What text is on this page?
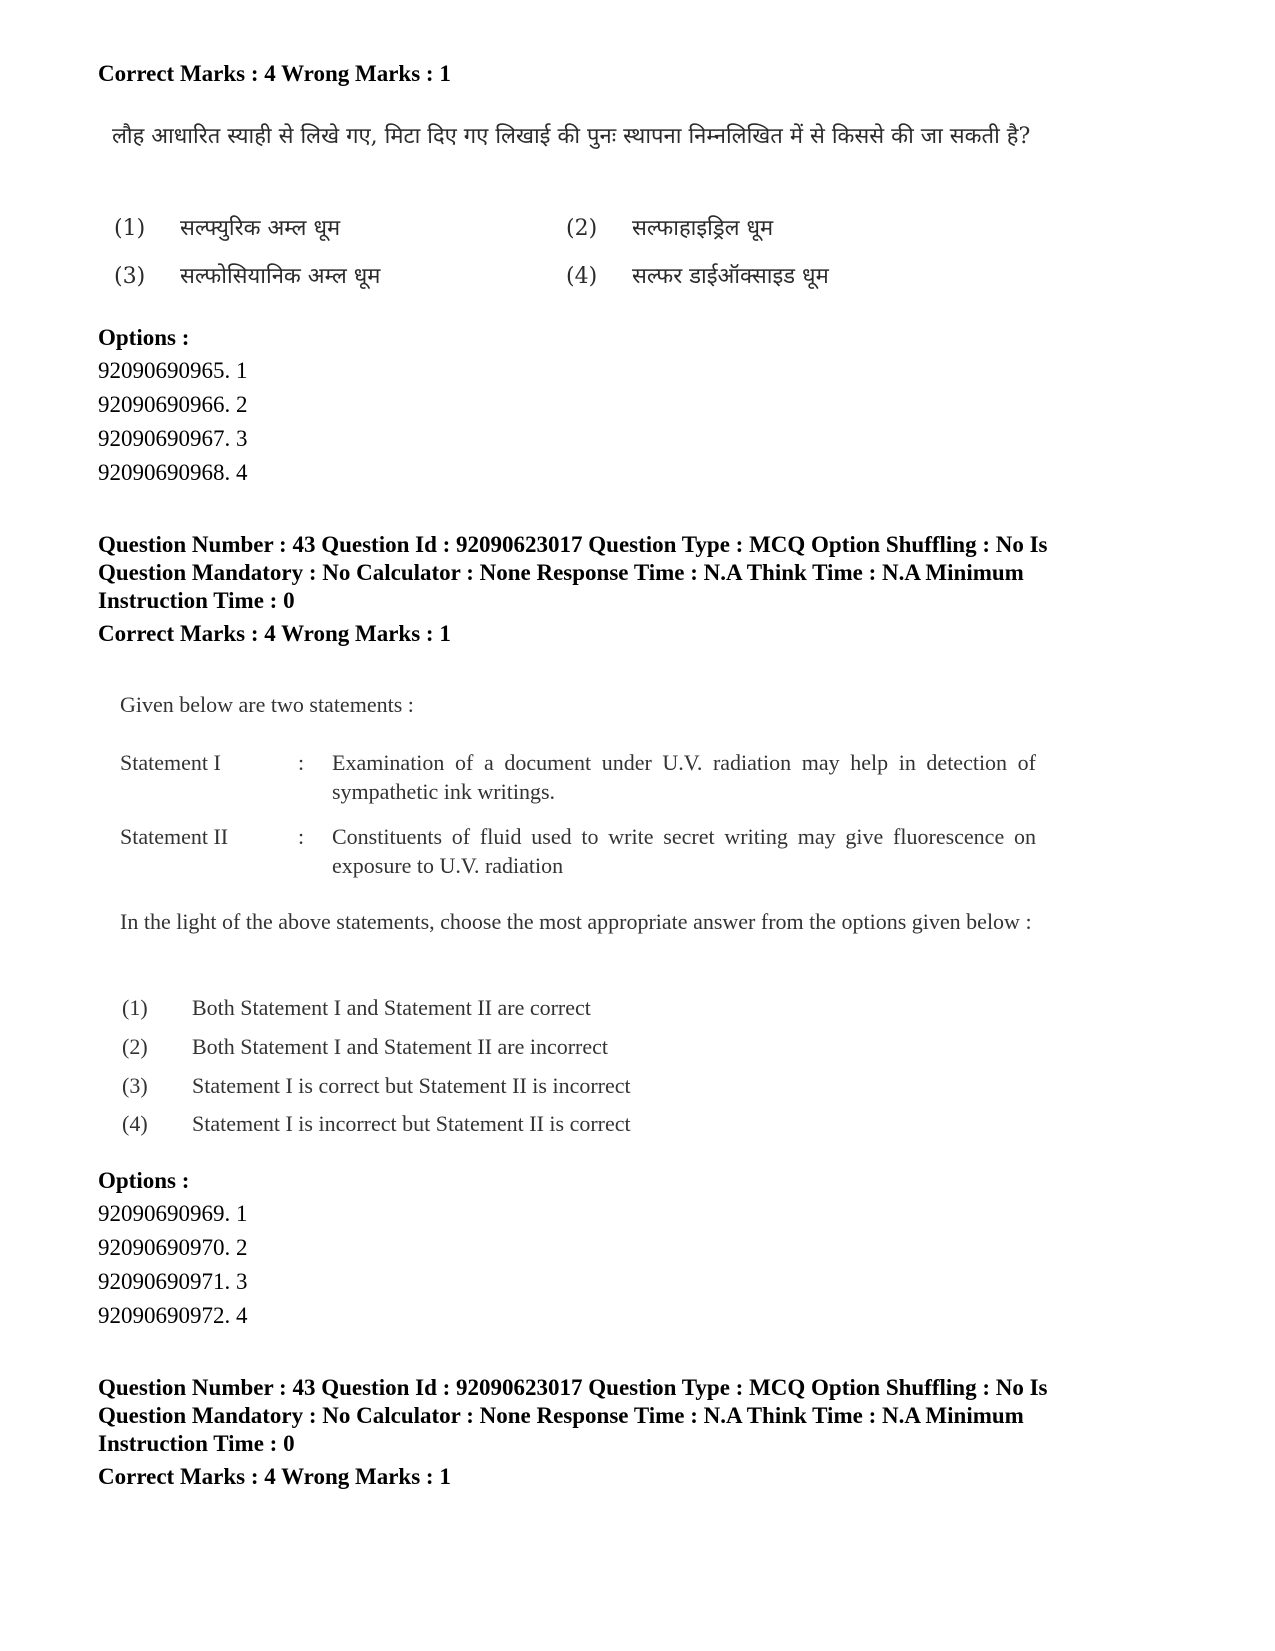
Correct Marks : 4 Wrong Marks : 1
लौह आधारित स्याही से लिखे गए, मिटा दिए गए लिखाई की पुनः स्थापना निम्नलिखित में से किससे की जा सकती है?
(1) सल्फ्युरिक अम्ल धूम	(2) सल्फाहाइड्रिल धूम
(3) सल्फोसियानिक अम्ल धूम	(4) सल्फर डाईऑक्साइड धूम
Options :
92090690965. 1
92090690966. 2
92090690967. 3
92090690968. 4
Question Number : 43 Question Id : 92090623017 Question Type : MCQ Option Shuffling : No Is
Question Mandatory : No Calculator : None Response Time : N.A Think Time : N.A Minimum
Instruction Time : 0
Correct Marks : 4 Wrong Marks : 1
Given below are two statements :
Statement I	: Examination of a document under U.V. radiation may help in detection of sympathetic ink writings.
Statement II	: Constituents of fluid used to write secret writing may give fluorescence on exposure to U.V. radiation
In the light of the above statements, choose the most appropriate answer from the options given below :
(1) Both Statement I and Statement II are correct
(2) Both Statement I and Statement II are incorrect
(3) Statement I is correct but Statement II is incorrect
(4) Statement I is incorrect but Statement II is correct
Options :
92090690969. 1
92090690970. 2
92090690971. 3
92090690972. 4
Question Number : 43 Question Id : 92090623017 Question Type : MCQ Option Shuffling : No Is
Question Mandatory : No Calculator : None Response Time : N.A Think Time : N.A Minimum
Instruction Time : 0
Correct Marks : 4 Wrong Marks : 1
